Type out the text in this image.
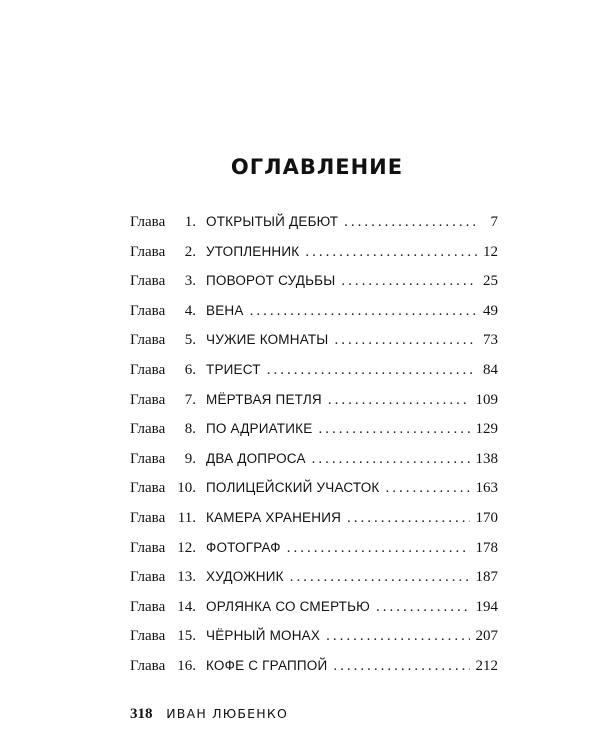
ОГЛАВЛЕНИЕ
Глава	1. ОТКРЫТЫЙ ДЕБЮТ .....	7
Глава	2. УТОПЛЕННИК .....	12
Глава	3. ПОВОРОТ СУДЬБЫ .....	25
Глава	4. ВЕНА .....	49
Глава	5. ЧУЖИЕ КОМНАТЫ .....	73
Глава	6. ТРИЕСТ .....	84
Глава	7. МЁРТВАЯ ПЕТЛЯ .....	109
Глава	8. ПО АДРИАТИКЕ .....	129
Глава	9. ДВА ДОПРОСА .....	138
Глава 10. ПОЛИЦЕЙСКИЙ УЧАСТОК .....	163
Глава 11. КАМЕРА ХРАНЕНИЯ .....	170
Глава 12. ФОТОГРАФ .....	178
Глава 13. ХУДОЖНИК .....	187
Глава 14. ОРЛЯНКА СО СМЕРТЬЮ .....	194
Глава 15. ЧЁРНЫЙ МОНАХ .....	207
Глава 16. КОФЕ С ГРАППОЙ .....	212
318 ИВАН ЛЮБЕНКО
